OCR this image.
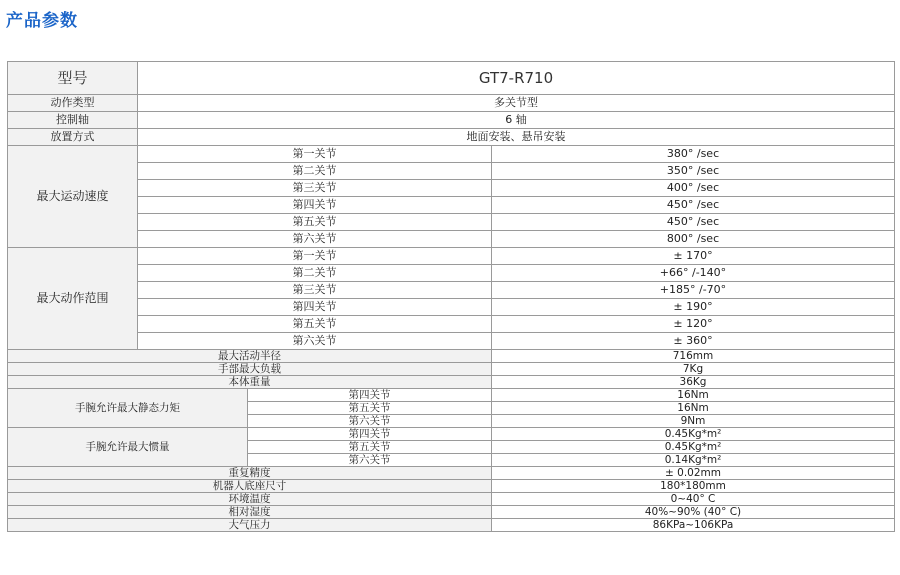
产品参数
型号	GT7-R710		
动作类型	多关节型		
控制轴	6 轴		
放置方式	地面安装、悬吊安装		
最大运动速度	第一关节		380° /sec
	第二关节		350° /sec
	第三关节		400° /sec
	第四关节		450° /sec
	第五关节		450° /sec
	第六关节		800° /sec
最大动作范围	第一关节		± 170°
	第二关节		+66° /-140°
	第三关节		+185° /-70°
	第四关节		± 190°
	第五关节		± 120°
	第六关节		± 360°
最大活动半径			716mm
手部最大负载			7Kg
本体重量			36Kg
手腕允许最大静态力矩		第四关节	16Nm
		第五关节	16Nm
		第六关节	9Nm
手腕允许最大惯量		第四关节	0.45Kg*m²
		第五关节	0.45Kg*m²
		第六关节	0.14Kg*m²
重复精度			± 0.02mm
机器人底座尺寸			180*180mm
环境温度			0~40° C
相对湿度			40%~90% (40° C)
大气压力			86KPa~106KPa
